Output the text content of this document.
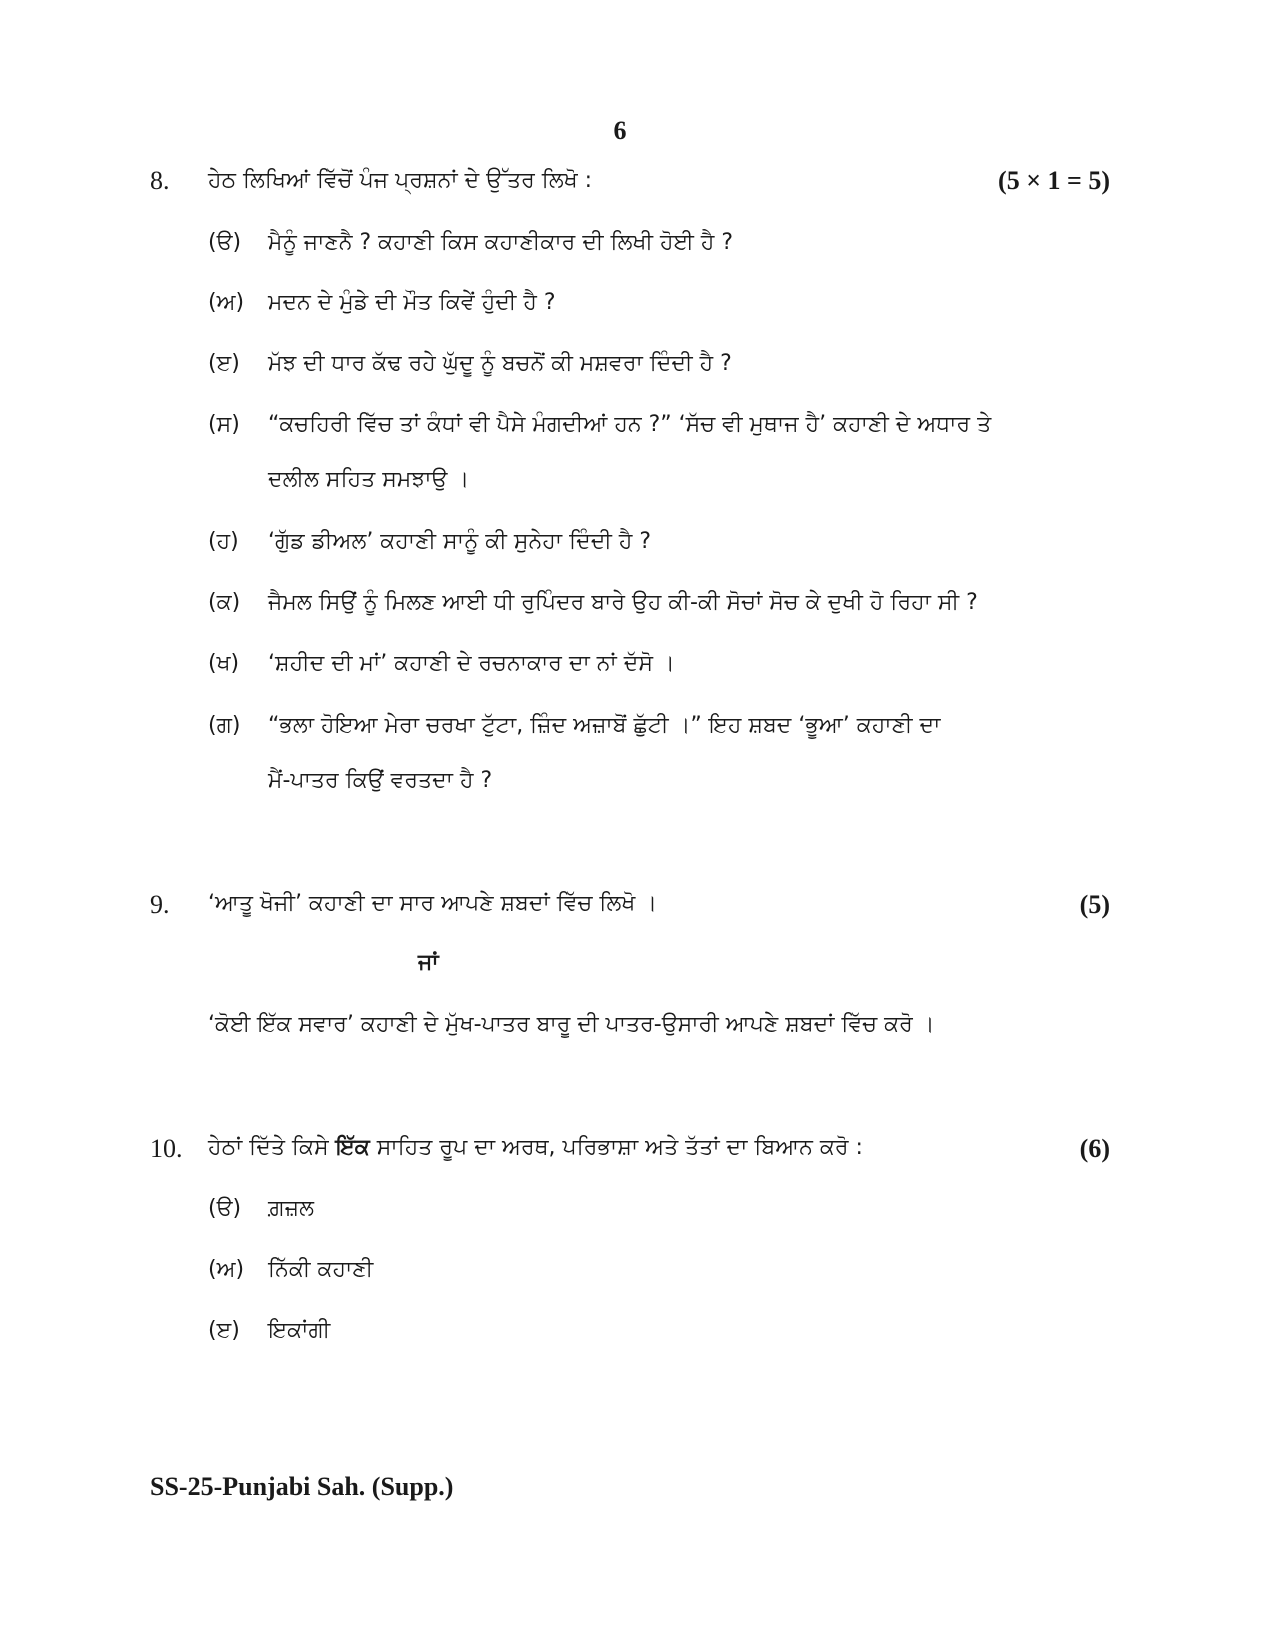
6
8. ਹੇਠ ਲਿਖਿਆਂ ਵਿੱਚੋਂ ਪੰਜ ਪ੍ਰਸ਼ਨਾਂ ਦੇ ਉੱਤਰ ਲਿਖੋ :	(5 × 1 = 5)
(ੳ) ਮੈਨੂੰ ਜਾਣਨੈ ? ਕਹਾਣੀ ਕਿਸ ਕਹਾਣੀਕਾਰ ਦੀ ਲਿਖੀ ਹੋਈ ਹੈ ?
(ਅ) ਮਦਨ ਦੇ ਮੁੰਡੇ ਦੀ ਮੌਤ ਕਿਵੇਂ ਹੁੰਦੀ ਹੈ ?
(ੲ) ਮੱਝ ਦੀ ਧਾਰ ਕੱਢ ਰਹੇ ਘੁੱਦੂ ਨੂੰ ਬਚਨੋਂ ਕੀ ਮਸ਼ਵਰਾ ਦਿੰਦੀ ਹੈ ?
(ਸ) “ਕਚਹਿਰੀ ਵਿੱਚ ਤਾਂ ਕੰਧਾਂ ਵੀ ਪੈਸੇ ਮੰਗਦੀਆਂ ਹਨ ?” ‘ਸੱਚ ਵੀ ਮੁਥਾਜ ਹੈ’ ਕਹਾਣੀ ਦੇ ਅਧਾਰ ਤੇ
ਦਲੀਲ ਸਹਿਤ ਸਮਝਾਉ ।
(ਹ) ‘ਗੁੱਡ ਡੀਅਲ’ ਕਹਾਣੀ ਸਾਨੂੰ ਕੀ ਸੁਨੇਹਾ ਦਿੰਦੀ ਹੈ ?
(ਕ) ਜੈਮਲ ਸਿਉਂ ਨੂੰ ਮਿਲਣ ਆਈ ਧੀ ਰੁਪਿੰਦਰ ਬਾਰੇ ਉਹ ਕੀ-ਕੀ ਸੋਚਾਂ ਸੋਚ ਕੇ ਦੁਖੀ ਹੋ ਰਿਹਾ ਸੀ ?
(ਖ) ‘ਸ਼ਹੀਦ ਦੀ ਮਾਂ’ ਕਹਾਣੀ ਦੇ ਰਚਨਾਕਾਰ ਦਾ ਨਾਂ ਦੱਸੋ ।
(ਗ) “ਭਲਾ ਹੋਇਆ ਮੇਰਾ ਚਰਖਾ ਟੁੱਟਾ, ਜ਼ਿੰਦ ਅਜ਼ਾਬੋਂ ਛੁੱਟੀ ।” ਇਹ ਸ਼ਬਦ ‘ਭੂਆ’ ਕਹਾਣੀ ਦਾ
ਮੈਂ-ਪਾਤਰ ਕਿਉਂ ਵਰਤਦਾ ਹੈ ?
9. ‘ਆਤੂ ਖੋਜੀ’ ਕਹਾਣੀ ਦਾ ਸਾਰ ਆਪਣੇ ਸ਼ਬਦਾਂ ਵਿੱਚ ਲਿਖੋ ।	(5)
ਜਾਂ
‘ਕੋਈ ਇੱਕ ਸਵਾਰ’ ਕਹਾਣੀ ਦੇ ਮੁੱਖ-ਪਾਤਰ ਬਾਰੂ ਦੀ ਪਾਤਰ-ਉਸਾਰੀ ਆਪਣੇ ਸ਼ਬਦਾਂ ਵਿੱਚ ਕਰੋ ।
10. ਹੇਠਾਂ ਦਿੱਤੇ ਕਿਸੇ ਇੱਕ ਸਾਹਿਤ ਰੂਪ ਦਾ ਅਰਥ, ਪਰਿਭਾਸ਼ਾ ਅਤੇ ਤੱਤਾਂ ਦਾ ਬਿਆਨ ਕਰੋ :	(6)
(ੳ) ਗ਼ਜ਼ਲ
(ਅ) ਨਿੱਕੀ ਕਹਾਣੀ
(ੲ) ਇਕਾਂਗੀ
SS-25-Punjabi Sah. (Supp.)
